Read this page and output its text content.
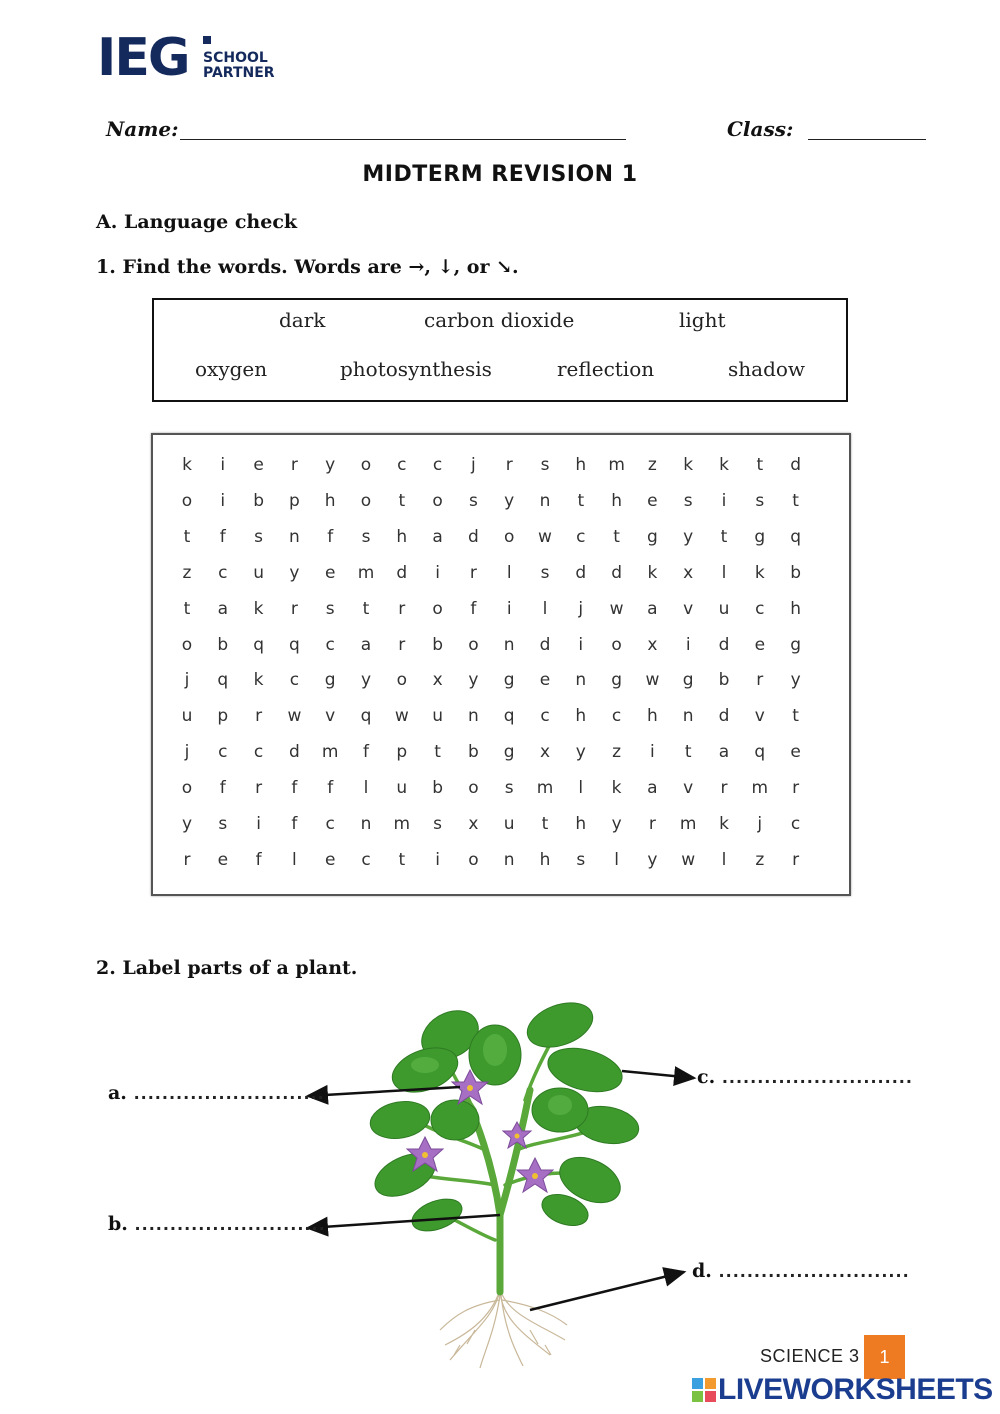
IEG SCHOOL
PARTNER
Name:	Class:
MIDTERM REVISION 1
A. Language check
1. Find the words. Words are →, ↓, or ↘.
dark	carbon dioxide	light
oxygen	photosynthesis	reflection	shadow
k	i	e	r	y	o	c	c	j	r	s	h	m	z	k	k	t	d
o	i	b	p	h	o	t	o	s	y	n	t	h	e	s	i	s	t
t	f	s	n	f	s	h	a	d	o	w	c	t	g	y	t	g	q
z	c	u	y	e	m	d	i	r	l	s	d	d	k	x	l	k	b
t	a	k	r	s	t	r	o	f	i	l	j	w	a	v	u	c	h
o	b	q	q	c	a	r	b	o	n	d	i	o	x	i	d	e	g
j	q	k	c	g	y	o	x	y	g	e	n	g	w	g	b	r	y
u	p	r	w	v	q	w	u	n	q	c	h	c	h	n	d	v	t
j	c	c	d	m	f	p	t	b	g	x	y	z	i	t	a	q	e
o	f	r	f	f	l	u	b	o	s	m	l	k	a	v	r	m	r
y	s	i	f	c	n	m	s	x	u	t	h	y	r	m	k	j	c
r	e	f	l	e	c	t	i	o	n	h	s	l	y	w	l	z	r
2. Label parts of a plant.
a. ...........................
b. ...........................
c. ...........................
d. ...........................
SCIENCE 3	1
LIVEWORKSHEETS
